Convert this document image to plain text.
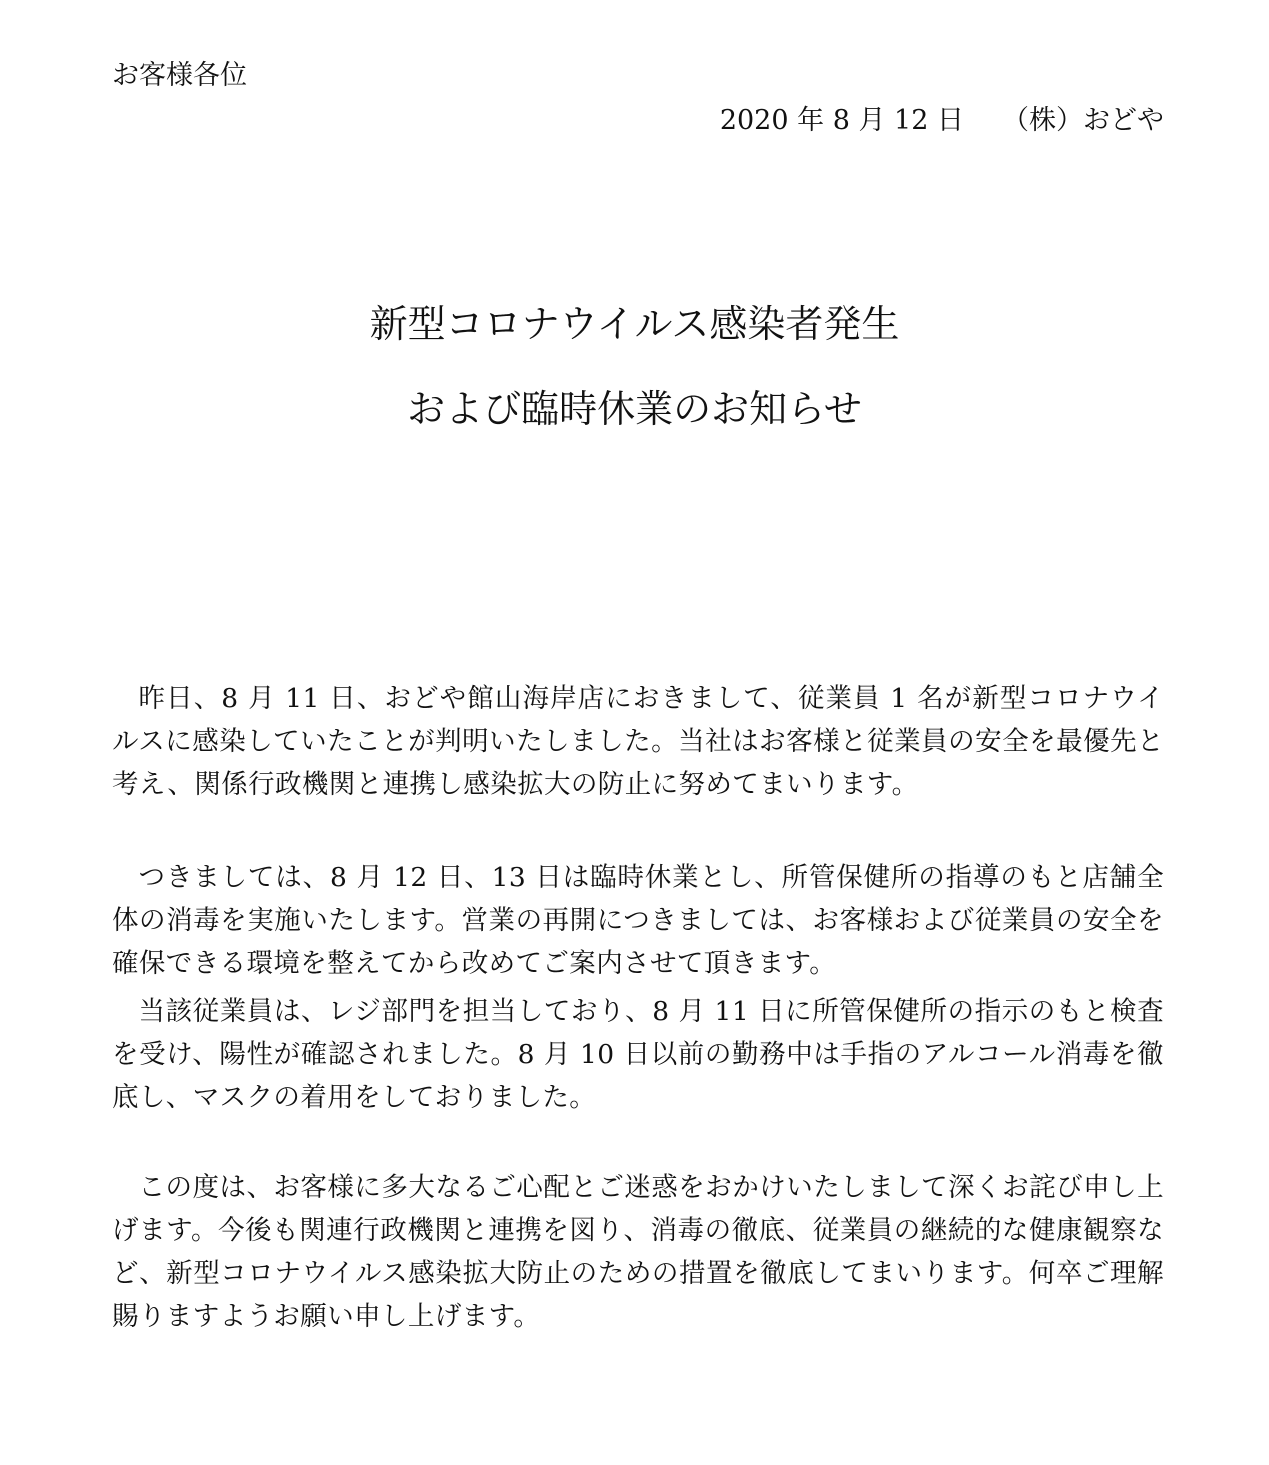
お客様各位
2020 年 8 月 12 日 （株）おどや
新型コロナウイルス感染者発生
および臨時休業のお知らせ

昨日、8 月 11 日、おどや館山海岸店におきまして、従業員 1 名が新型コロナウイルスに感染していたことが判明いたしました。当社はお客様と従業員の安全を最優先と考え、関係行政機関と連携し感染拡大の防止に努めてまいります。

つきましては、8 月 12 日、13 日は臨時休業とし、所管保健所の指導のもと店舗全体の消毒を実施いたします。営業の再開につきましては、お客様および従業員の安全を確保できる環境を整えてから改めてご案内させて頂きます。

当該従業員は、レジ部門を担当しており、8 月 11 日に所管保健所の指示のもと検査を受け、陽性が確認されました。8 月 10 日以前の勤務中は手指のアルコール消毒を徹底し、マスクの着用をしておりました。

この度は、お客様に多大なるご心配とご迷惑をおかけいたしまして深くお詫び申し上げます。今後も関連行政機関と連携を図り、消毒の徹底、従業員の継続的な健康観察など、新型コロナウイルス感染拡大防止のための措置を徹底してまいります。何卒ご理解賜りますようお願い申し上げます。
